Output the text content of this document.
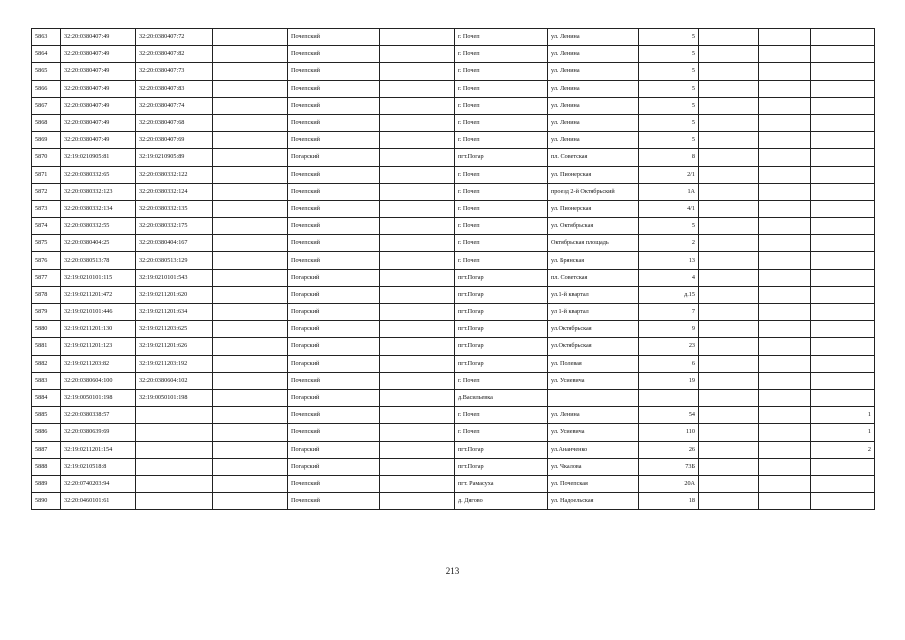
5863	32:20:0380407:49	32:20:0380407:72		Почепский		г. Почеп	ул. Ленина	5			
5864	32:20:0380407:49	32:20:0380407:82		Почепский		г. Почеп	ул. Ленина	5			
5865	32:20:0380407:49	32:20:0380407:73		Почепский		г. Почеп	ул. Ленина	5			
5866	32:20:0380407:49	32:20:0380407:83		Почепский		г. Почеп	ул. Ленина	5			
5867	32:20:0380407:49	32:20:0380407:74		Почепский		г. Почеп	ул. Ленина	5			
5868	32:20:0380407:49	32:20:0380407:68		Почепский		г. Почеп	ул. Ленина	5			
5869	32:20:0380407:49	32:20:0380407:69		Почепский		г. Почеп	ул. Ленина	5			
5870	32:19:0210905:81	32:19:0210905:89		Погарский		пгт.Погар	пл. Советская	8			
5871	32:20:0380332:65	32:20:0380332:122		Почепский		г. Почеп	ул. Пионерская	2/1			
5872	32:20:0380332:123	32:20:0380332:124		Почепский		г. Почеп	проезд 2-й Октябрьский	1А			
5873	32:20:0380332:134	32:20:0380332:135		Почепский		г. Почеп	ул. Пионерская	4/1			
5874	32:20:0380332:55	32:20:0380332:175		Почепский		г. Почеп	ул. Октябрьская	5			
5875	32:20:0380404:25	32:20:0380404:167		Почепский		г. Почеп	Октябрьская площадь	2			
5876	32:20:0380513:78	32:20:0380513:129		Почепский		г. Почеп	ул. Брянская	13			
5877	32:19:0210101:115	32:19:0210101:543		Погарский		пгт.Погар	пл. Советская	4			
5878	32:19:0211201:472	32:19:0211201:620		Погарский		пгт.Погар	ул.1-й квартал	д.15			
5879	32:19:0210101:446	32:19:0211201:634		Погарский		пгт.Погар	ул 1-й квартал	7			
5880	32:19:0211201:130	32:19:0211203:625		Погарский		пгт.Погар	ул.Октябрьская	9			
5881	32:19:0211201:123	32:19:0211201:626		Погарский		пгт.Погар	ул.Октябрьская	23			
5882	32:19:0211203:82	32:19:0211203:192		Погарский		пгт.Погар	ул. Полевая	6			
5883	32:20:0380604:100	32:20:0380604:102		Почепский		г. Почеп	ул. Усиевича	19			
5884	32:19:0050101:198	32:19:0050101:198		Погарский		д.Васильевка					
5885	32:20:0380338:57			Почепский		г. Почеп	ул. Ленина	54			1
5886	32:20:0380639:69			Почепский		г. Почеп	ул. Усиевича	110			1
5887	32:19:0211201:154			Погарский		пгт.Погар	ул.Ананченко	26			2
5888	32:19:0210518:8			Погарский		пгт.Погар	ул. Чкалова	73Б			
5889	32:20:0740203:94			Почепский		пгт. Рамасуха	ул. Почепская	20А			
5890	32:20:0460101:61			Почепский		д. Дягово	ул. Надоельская	18			
213
